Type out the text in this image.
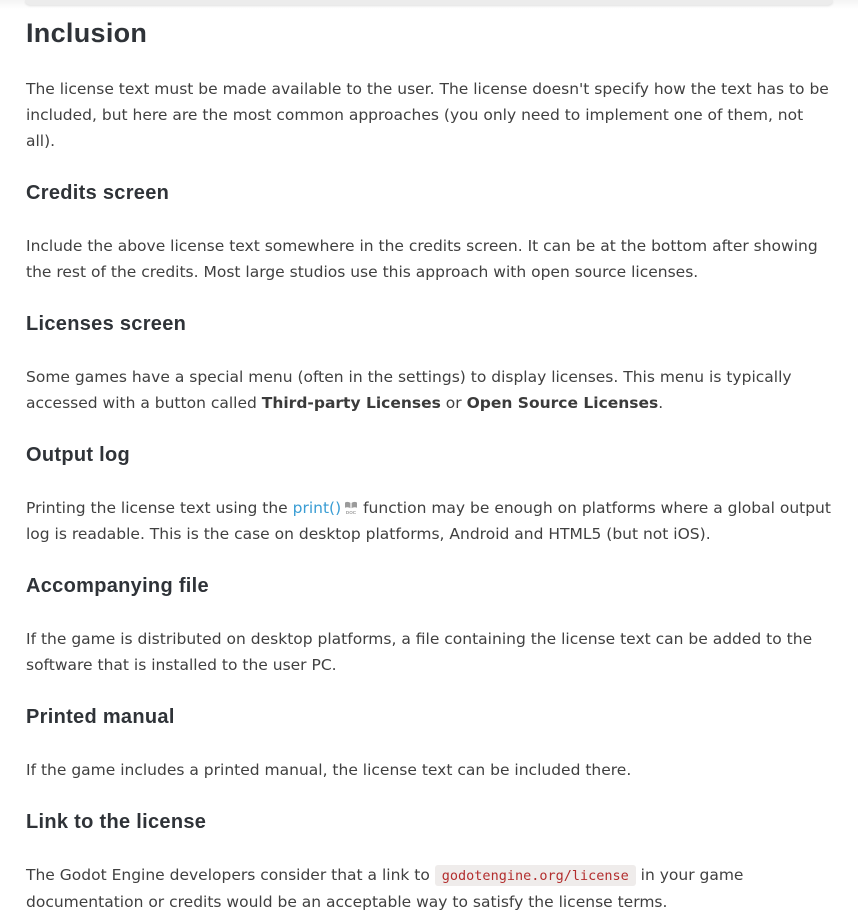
Inclusion

The license text must be made available to the user. The license doesn't specify how the text has to be included, but here are the most common approaches (you only need to implement one of them, not all).

Credits screen

Include the above license text somewhere in the credits screen. It can be at the bottom after showing the rest of the credits. Most large studios use this approach with open source licenses.

Licenses screen

Some games have a special menu (often in the settings) to display licenses. This menu is typically accessed with a button called Third-party Licenses or Open Source Licenses.

Output log

Printing the license text using the print() DOC function may be enough on platforms where a global output log is readable. This is the case on desktop platforms, Android and HTML5 (but not iOS).

Accompanying file

If the game is distributed on desktop platforms, a file containing the license text can be added to the software that is installed to the user PC.

Printed manual

If the game includes a printed manual, the license text can be included there.

Link to the license

The Godot Engine developers consider that a link to godotengine.org/license in your game documentation or credits would be an acceptable way to satisfy the license terms.
